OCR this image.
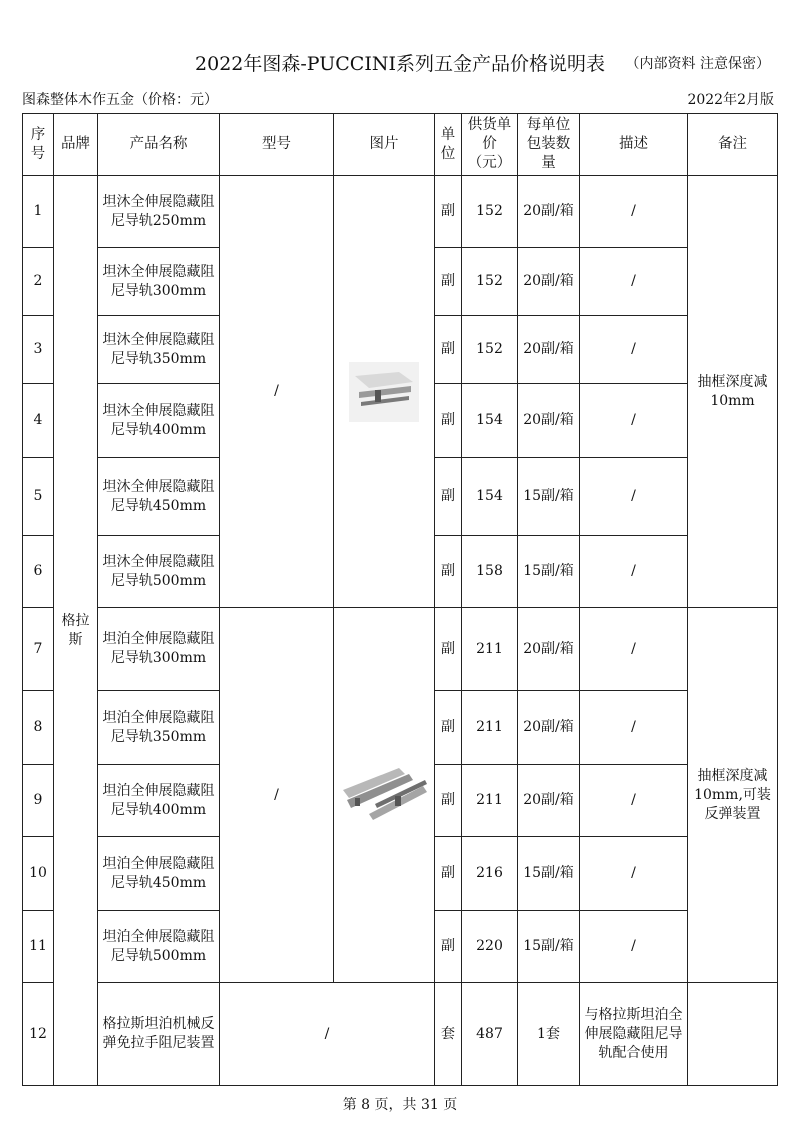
2022年图森-PUCCINI系列五金产品价格说明表 （内部资料 注意保密）
图森整体木作五金（价格：元）	2022年2月版
序号	品牌	产品名称	型号	图片	单位	供货单价（元）	每单位包装数量	描述	备注
1	格拉斯	坦沐全伸展隐藏阻尼导轨250mm	/		副	152	20副/箱	/	抽框深度减10mm
2		坦沐全伸展隐藏阻尼导轨300mm			副	152	20副/箱	/	
3		坦沐全伸展隐藏阻尼导轨350mm			副	152	20副/箱	/	
4		坦沐全伸展隐藏阻尼导轨400mm			副	154	20副/箱	/	
5		坦沐全伸展隐藏阻尼导轨450mm			副	154	15副/箱	/	
6		坦沐全伸展隐藏阻尼导轨500mm			副	158	15副/箱	/	
7		坦泊全伸展隐藏阻尼导轨300mm	/		副	211	20副/箱	/	抽框深度减10mm,可装反弹装置
8		坦泊全伸展隐藏阻尼导轨350mm			副	211	20副/箱	/	
9		坦泊全伸展隐藏阻尼导轨400mm			副	211	20副/箱	/	
10		坦泊全伸展隐藏阻尼导轨450mm			副	216	15副/箱	/	
11		坦泊全伸展隐藏阻尼导轨500mm			副	220	15副/箱	/	
12		格拉斯坦泊机械反弹免拉手阻尼装置	/		套	487	1套	与格拉斯坦泊全伸展隐藏阻尼导轨配合使用	
第 8 页，共 31 页
